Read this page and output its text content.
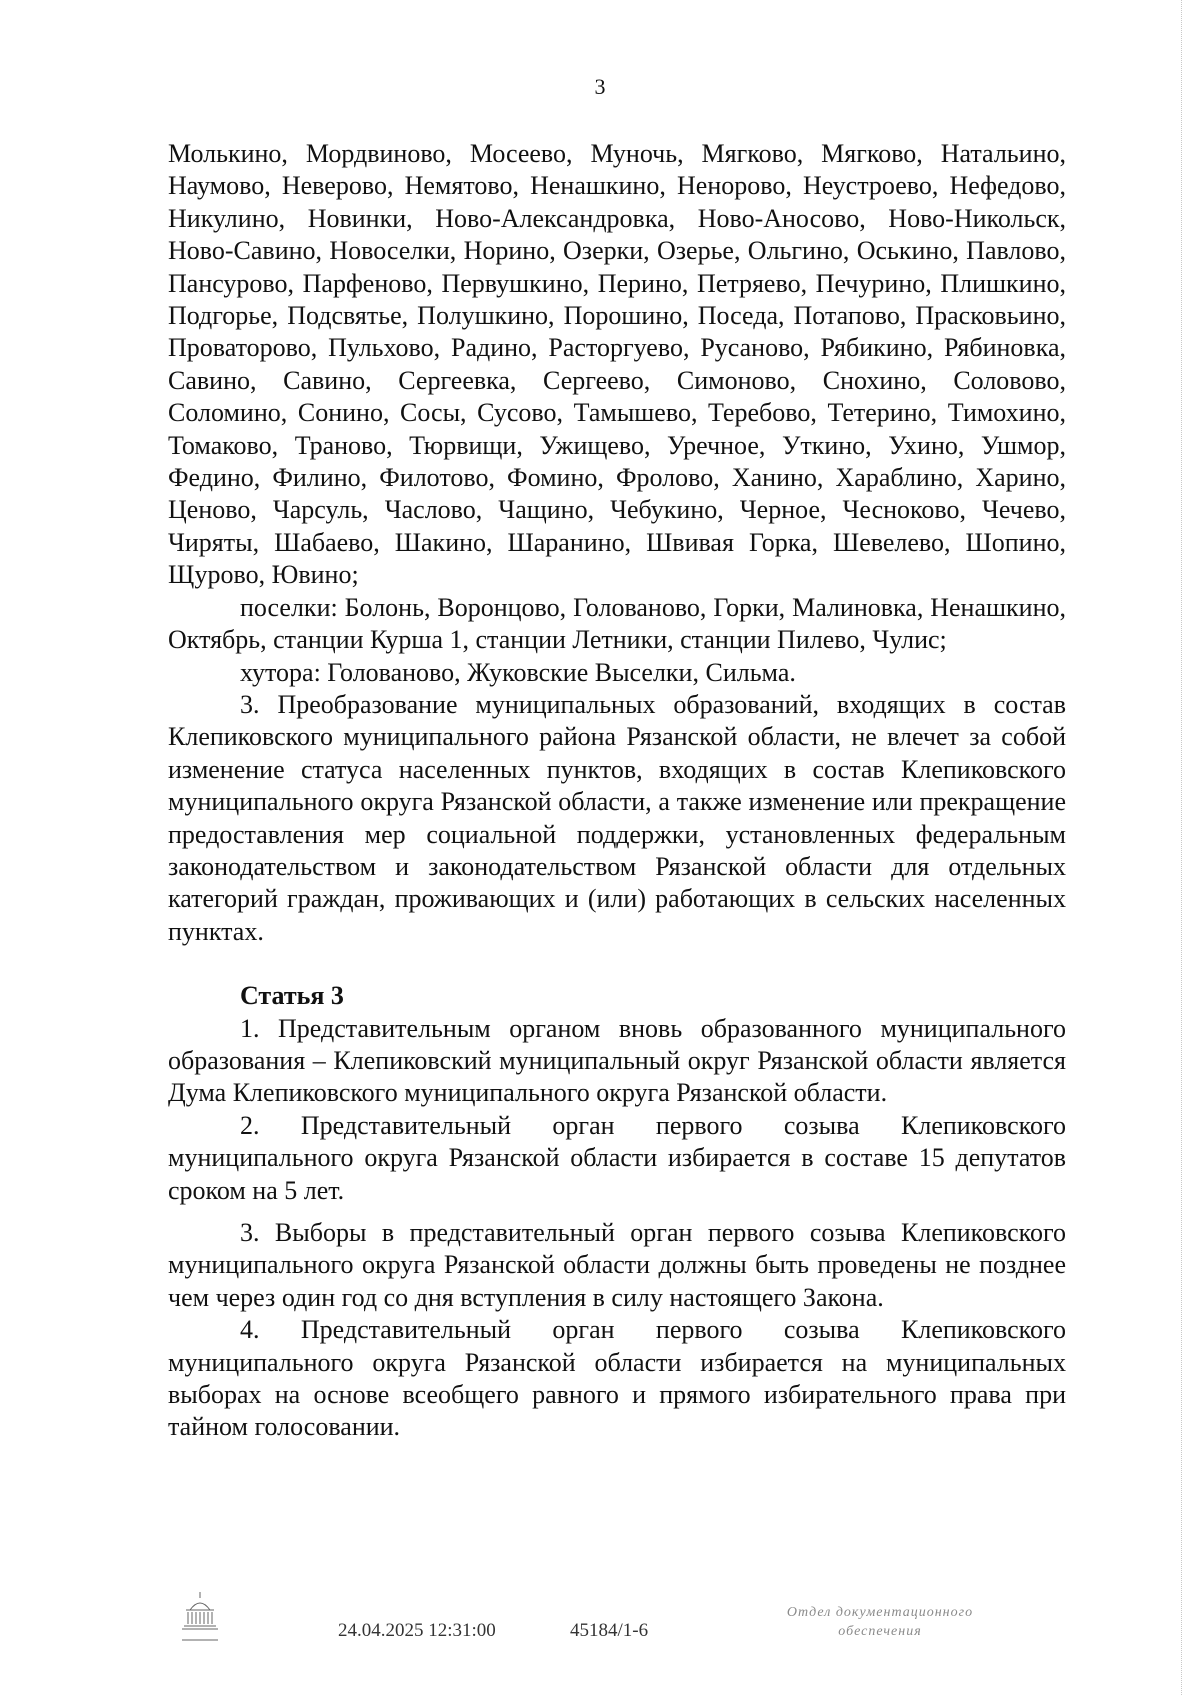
3

Молькино, Мордвиново, Мосеево, Муночь, Мягково, Мягково, Натальино, Наумово, Неверово, Немятово, Ненашкино, Ненорово, Неустроево, Нефедово, Никулино, Новинки, Ново-Александровка, Ново-Аносово, Ново-Никольск, Ново-Савино, Новоселки, Норино, Озерки, Озерье, Ольгино, Оськино, Павлово, Пансурово, Парфеново, Первушкино, Перино, Петряево, Печурино, Плишкино, Подгорье, Подсвятье, Полушкино, Порошино, Поседа, Потапово, Прасковьино, Проваторово, Пульхово, Радино, Расторгуево, Русаново, Рябикино, Рябиновка, Савино, Савино, Сергеевка, Сергеево, Симоново, Снохино, Соловово, Соломино, Сонино, Сосы, Сусово, Тамышево, Теребово, Тетерино, Тимохино, Томаково, Траново, Тюрвищи, Ужищево, Уречное, Уткино, Ухино, Ушмор, Федино, Филино, Филотово, Фомино, Фролово, Ханино, Хараблино, Харино, Ценово, Чарсуль, Часлово, Чащино, Чебукино, Черное, Чесноково, Чечево, Чиряты, Шабаево, Шакино, Шаранино, Швивая Горка, Шевелево, Шопино, Щурово, Ювино;

поселки: Болонь, Воронцово, Голованово, Горки, Малиновка, Ненашкино, Октябрь, станции Курша 1, станции Летники, станции Пилево, Чулис;

хутора: Голованово, Жуковские Выселки, Сильма.

3. Преобразование муниципальных образований, входящих в состав Клепиковского муниципального района Рязанской области, не влечет за собой изменение статуса населенных пунктов, входящих в состав Клепиковского муниципального округа Рязанской области, а также изменение или прекращение предоставления мер социальной поддержки, установленных федеральным законодательством и законодательством Рязанской области для отдельных категорий граждан, проживающих и (или) работающих в сельских населенных пунктах.

Статья 3

1. Представительным органом вновь образованного муниципального образования – Клепиковский муниципальный округ Рязанской области является Дума Клепиковского муниципального округа Рязанской области.

2. Представительный орган первого созыва Клепиковского муниципального округа Рязанской области избирается в составе 15 депутатов сроком на 5 лет.

3. Выборы в представительный орган первого созыва Клепиковского муниципального округа Рязанской области должны быть проведены не позднее чем через один год со дня вступления в силу настоящего Закона.

4. Представительный орган первого созыва Клепиковского муниципального округа Рязанской области избирается на муниципальных выборах на основе всеобщего равного и прямого избирательного права при тайном голосовании.

24.04.2025 12:31:00	45184/1-6
Отдел документационного
обеспечения
